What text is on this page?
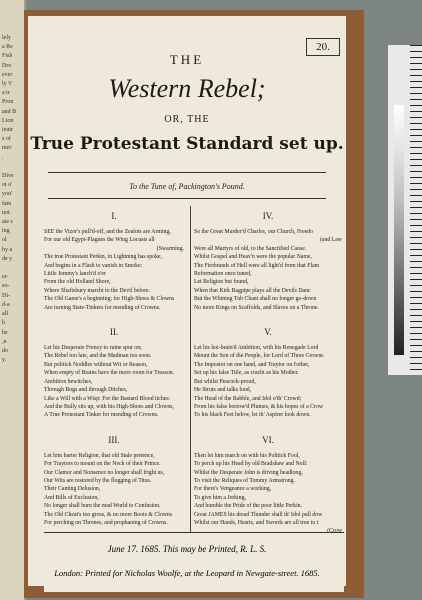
lely
a Re
Fish
Dro
ever
ly V
a tr
Pron
and B
Lion
ieutr
s of
mer
.

Dive
ot o'
you'
fam
not
ate c
ing
ol
by a
de y

er-
so-
Di-
d-a
all
h
be
,n
do
y.
20.
THE
Western Rebel;
OR, THE
True Protestant Standard set up.
To the Tune of, Packington's Pound.
I.
SEE the Vizor's pull'd-off, and the Zealots are Arming,
For our old Egypt-Plagues the Wing Locusts all
(Swarming.
The true Protestant Perkin, in Lightning has spoke,
And begins in a Flash to vanish in Smoke:
Little Jemmy's lanch'd o'er
From the old Holland Shore,
Where Shaftsbury marcht to the Devil before.
The Old Game's a beginning; for High-Shoes & Clowns
Are turning State-Tinkers for mending of Crowns.
II.
Let his Desperate Frenzy to ruine spur on;
The Rebel too late, and the Madman too soon.
But politick Noddles without Wit or Reason,
When empty of Brains have the more room for Treason.
Ambition bewitches,
Through Bogs and through Ditches,
Like a Will with a Wisp: For the Bastard Blood itches:
And the Bully sits up, with his High-Shoes and Clowns,
A True Protestant Tinker for mending of Crowns.
III.
Let him barter Religion, that old Stale pretence,
For Traytors to mount on the Neck of their Prince.
Our Clamor and Nonsence no longer shall fright us,
Our Wits are restored by the flogging of Titus.
Their Canting Delusion,
And Bills of Exclusion,
No longer shall burn the mad World to Confusion.
The Old Cheat's too gross, & no more Boots & Clowns
For perching on Thrones, and prophaning of Crowns.
IV.
So the Great Murder'd Charles, our Church, Freedo
(and Law
Were all Martyrs of old, to the Sanctified Cause.
Whilst Gospel and Heav'n were the popular Name,
The Firebrands of Hell were all light'd from that Flam
Reformation once tuned,
Let Religion but found,
When that Kirk Bagpipe plays all the Devils Danc
But the Whining Tub Chant shall no longer go-down
No more Kings on Scaffolds, and Slaves on a Throne.
V.
Let his hot-brain'd Ambition, with his Renegade Lord
Mount the Son of the People, for Lord of Three Crowns
The Impostor on one hand, and Traytor on t'other,
Set up his false Title, as cracht as his Mother.
But whilst Peacock-proud,
He Struts and talks loud,
The Head of the Rabble, and Idol o'th' Crowd;
From his false borrow'd Plumes, & his hopes of a Crow
To his black Feet below, let th' Aspirer look down.
VI.
Then let him march on with his Politick Fool,
To perch up his Head by old Bradshaw and Noll:
Whilst the Desperate John is driving headlong,
To visit the Reliques of Tommy Armstrong.
For there's Vengeance a working,
To give him a Jerking,
And humble the Pride of the poor little Perkin.
Great JAMES his dread Thunder shall th' Idol pull dow
Whilst our Hands, Hearts, and Swords are all true to t
June 17. 1685. This may be Printed, R. L. S.
London: Printed for Nicholas Woolfe, at the Leopard in Newgate-street. 1685.
